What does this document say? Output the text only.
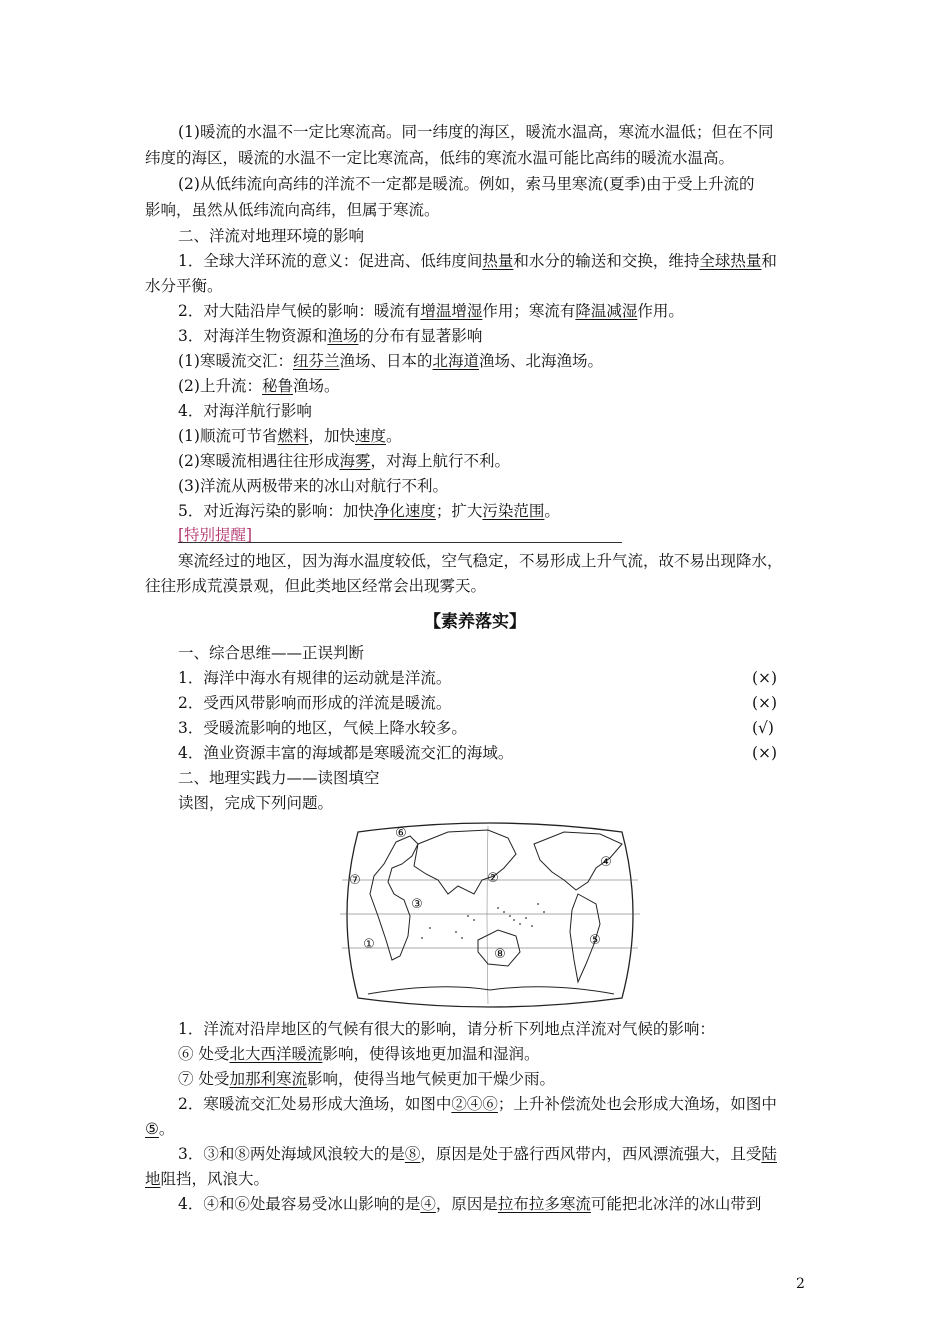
(1)暖流的水温不一定比寒流高。同一纬度的海区，暖流水温高，寒流水温低；但在不同
纬度的海区，暖流的水温不一定比寒流高，低纬的寒流水温可能比高纬的暖流水温高。
(2)从低纬流向高纬的洋流不一定都是暖流。例如，索马里寒流(夏季)由于受上升流的
影响，虽然从低纬流向高纬，但属于寒流。
二、洋流对地理环境的影响
1．全球大洋环流的意义：促进高、低纬度间热量和水分的输送和交换，维持全球热量和
水分平衡。
2．对大陆沿岸气候的影响：暖流有增温增湿作用；寒流有降温减湿作用。
3．对海洋生物资源和渔场的分布有显著影响
(1)寒暖流交汇：纽芬兰渔场、日本的北海道渔场、北海渔场。
(2)上升流：秘鲁渔场。
4．对海洋航行影响
(1)顺流可节省燃料，加快速度。
(2)寒暖流相遇往往形成海雾，对海上航行不利。
(3)洋流从两极带来的冰山对航行不利。
5．对近海污染的影响：加快净化速度；扩大污染范围。
[特别提醒]
寒流经过的地区，因为海水温度较低，空气稳定，不易形成上升气流，故不易出现降水，
往往形成荒漠景观，但此类地区经常会出现雾天。
【素养落实】
一、综合思维——正误判断
1．海洋中海水有规律的运动就是洋流。	(×)
2．受西风带影响而形成的洋流是暖流。	(×)
3．受暖流影响的地区，气候上降水较多。	(√)
4．渔业资源丰富的海域都是寒暖流交汇的海域。	(×)
二、地理实践力——读图填空
读图，完成下列问题。
⑥
④
⑦	②
③
⑤
①
⑧
1．洋流对沿岸地区的气候有很大的影响，请分析下列地点洋流对气候的影响：
⑥ 处受北大西洋暖流影响，使得该地更加温和湿润。
⑦ 处受加那利寒流影响，使得当地气候更加干燥少雨。
2．寒暖流交汇处易形成大渔场，如图中②④⑥；上升补偿流处也会形成大渔场，如图中
⑤。
3．③和⑧两处海域风浪较大的是⑧，原因是处于盛行西风带内，西风漂流强大，且受陆
地阻挡，风浪大。
4．④和⑥处最容易受冰山影响的是④，原因是拉布拉多寒流可能把北冰洋的冰山带到
2
